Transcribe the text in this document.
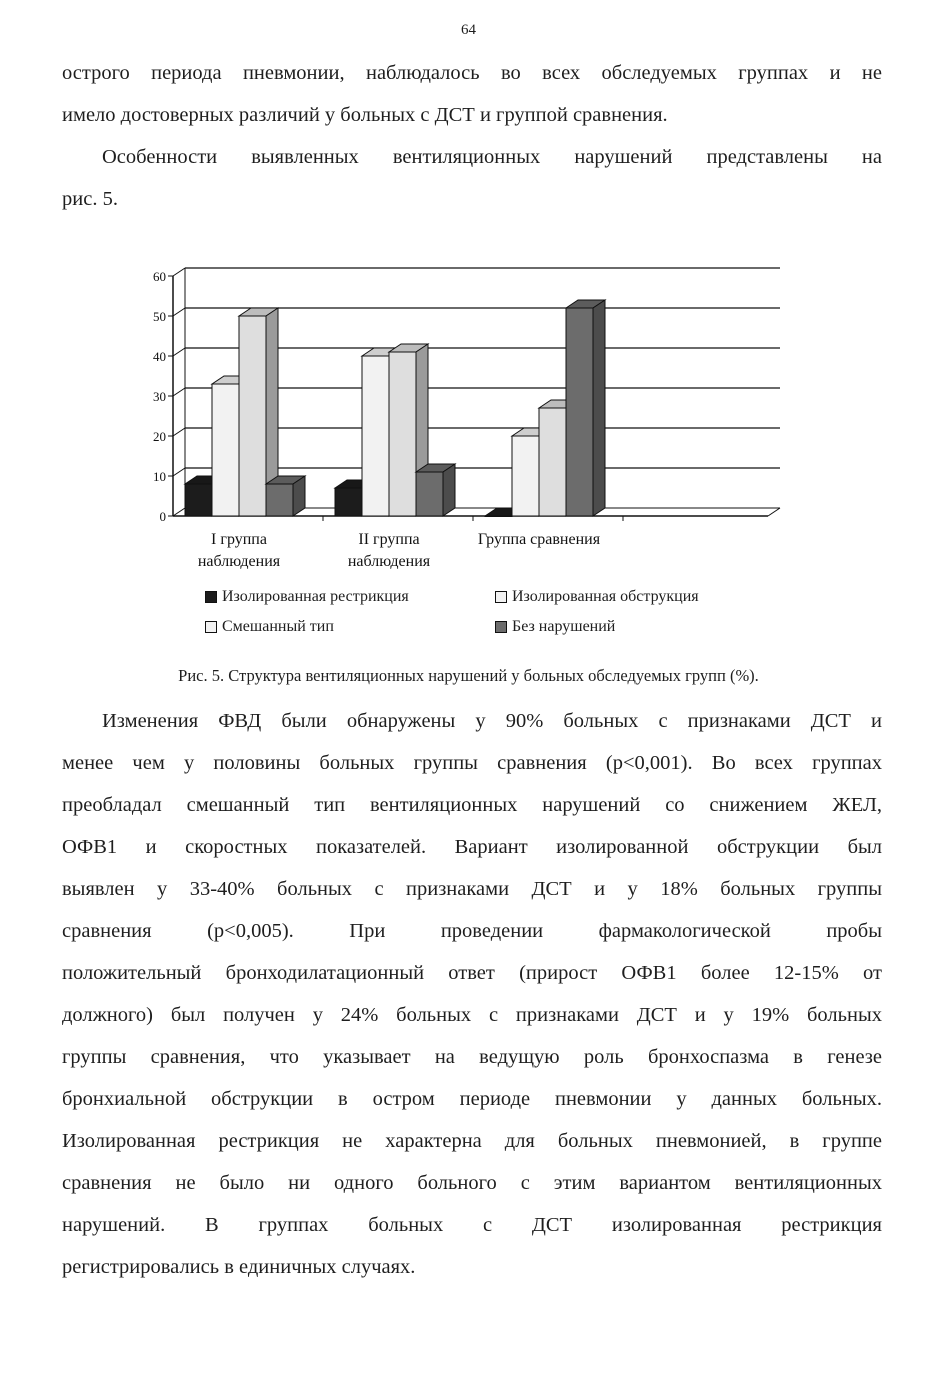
64
острого периода пневмонии, наблюдалось во всех обследуемых группах и не
имело достоверных различий у больных с ДСТ и группой сравнения.
Особенности выявленных вентиляционных нарушений представлены на
рис. 5.
0
10
20
30
40
50
60
I группа
наблюдения
II группа
наблюдения
Группа сравнения
Изолированная рестрикция	Изолированная обструкция
Смешанный тип	Без нарушений
Рис. 5. Структура вентиляционных нарушений у больных обследуемых групп (%).
Изменения ФВД были обнаружены у 90% больных с признаками ДСТ и
менее чем у половины больных группы сравнения (р<0,001). Во всех группах
преобладал смешанный тип вентиляционных нарушений со снижением ЖЕЛ,
ОФВ1 и скоростных показателей. Вариант изолированной обструкции был
выявлен у 33-40% больных с признаками ДСТ и у 18% больных группы
сравнения (р<0,005). При проведении фармакологической пробы
положительный бронходилатационный ответ (прирост ОФВ1 более 12-15% от
должного) был получен у 24% больных с признаками ДСТ и у 19% больных
группы сравнения, что указывает на ведущую роль бронхоспазма в генезе
бронхиальной обструкции в остром периоде пневмонии у данных больных.
Изолированная рестрикция не характерна для больных пневмонией, в группе
сравнения не было ни одного больного с этим вариантом вентиляционных
нарушений. В группах больных с ДСТ изолированная рестрикция
регистрировались в единичных случаях.
